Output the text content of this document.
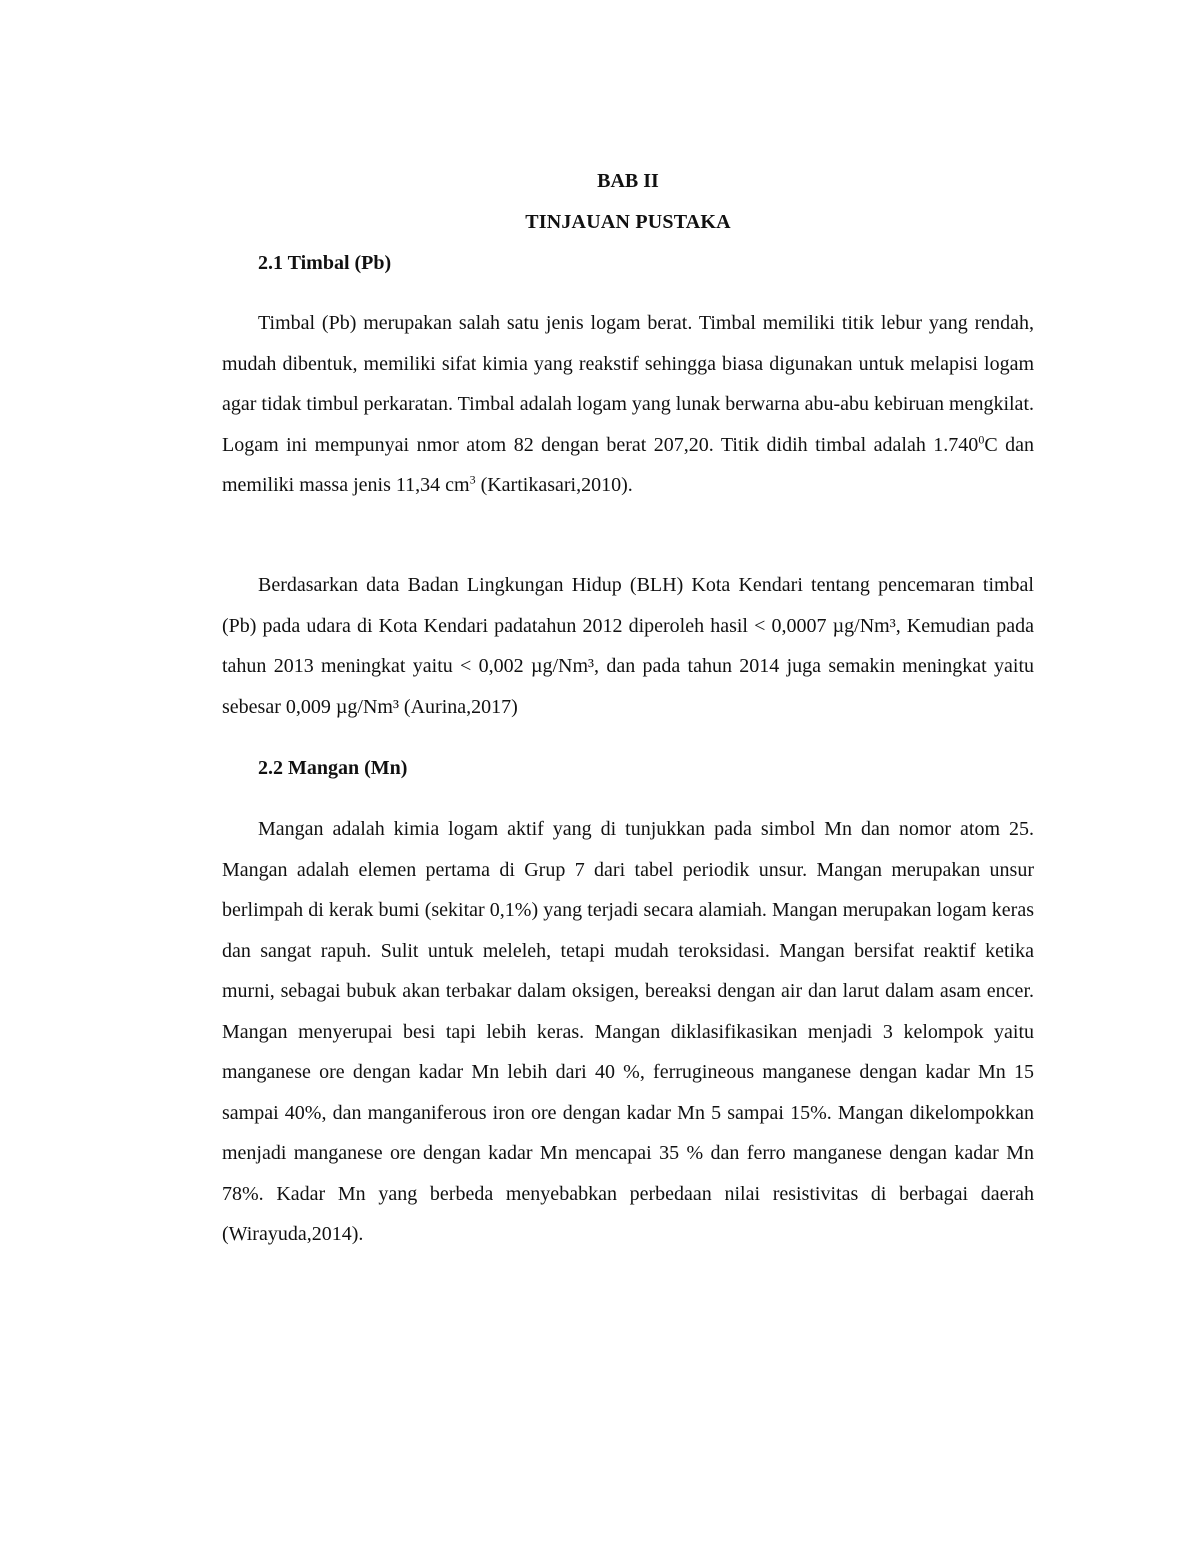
BAB II
TINJAUAN PUSTAKA
2.1 Timbal (Pb)

Timbal (Pb) merupakan salah satu jenis logam berat. Timbal memiliki titik lebur yang rendah, mudah dibentuk, memiliki sifat kimia yang reakstif sehingga biasa digunakan untuk melapisi logam agar tidak timbul perkaratan. Timbal adalah logam yang lunak berwarna abu-abu kebiruan mengkilat. Logam ini mempunyai nmor atom 82 dengan berat 207,20. Titik didih timbal adalah 1.740$^0$C dan memiliki massa jenis 11,34 $cm^3$ (Kartikasari,2010).

Berdasarkan data Badan Lingkungan Hidup (BLH) Kota Kendari tentang pencemaran timbal (Pb) pada udara di Kota Kendari padatahun 2012 diperoleh hasil < 0,0007 µg/Nm³, Kemudian pada tahun 2013 meningkat yaitu < 0,002 µg/Nm³, dan pada tahun 2014 juga semakin meningkat yaitu sebesar 0,009 µg/Nm³ (Aurina,2017)

2.2 Mangan (Mn)

Mangan adalah kimia logam aktif yang di tunjukkan pada simbol Mn dan nomor atom 25. Mangan adalah elemen pertama di Grup 7 dari tabel periodik unsur. Mangan merupakan unsur berlimpah di kerak bumi (sekitar 0,1%) yang terjadi secara alamiah. Mangan merupakan logam keras dan sangat rapuh. Sulit untuk meleleh, tetapi mudah teroksidasi. Mangan bersifat reaktif ketika murni, sebagai bubuk akan terbakar dalam oksigen, bereaksi dengan air dan larut dalam asam encer. Mangan menyerupai besi tapi lebih keras. Mangan diklasifikasikan menjadi 3 kelompok yaitu manganese ore dengan kadar Mn lebih dari 40 %, ferrugineous manganese dengan kadar Mn 15 sampai 40%, dan manganiferous iron ore dengan kadar Mn 5 sampai 15%. Mangan dikelompokkan menjadi manganese ore dengan kadar Mn mencapai 35 % dan ferro manganese dengan kadar Mn 78%. Kadar Mn yang berbeda menyebabkan perbedaan nilai resistivitas di berbagai daerah (Wirayuda,2014).
